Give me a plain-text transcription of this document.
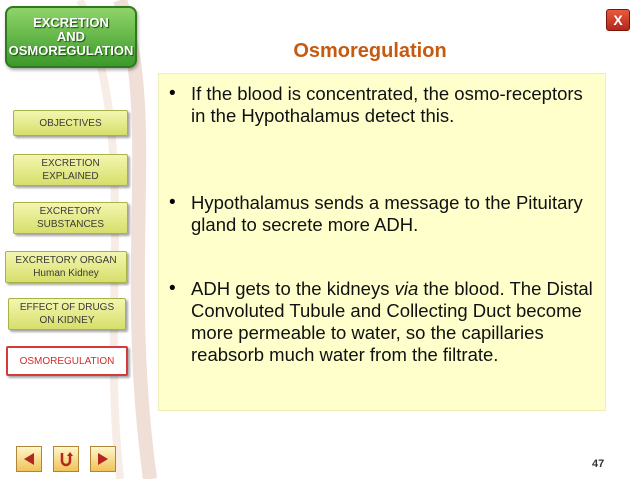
EXCRETION
AND
OSMOREGULATION
X
OBJECTIVES
EXCRETION
EXPLAINED
EXCRETORY
SUBSTANCES
EXCRETORY ORGAN
Human Kidney
EFFECT OF DRUGS
ON KIDNEY
OSMOREGULATION
Osmoregulation
• If the blood is concentrated, the osmo-receptors in the Hypothalamus detect this.
• Hypothalamus sends a message to the Pituitary gland to secrete more ADH.
• ADH gets to the kidneys via the blood. The Distal Convoluted Tubule and Collecting Duct become more permeable to water, so the capillaries reabsorb much water from the filtrate.
47
